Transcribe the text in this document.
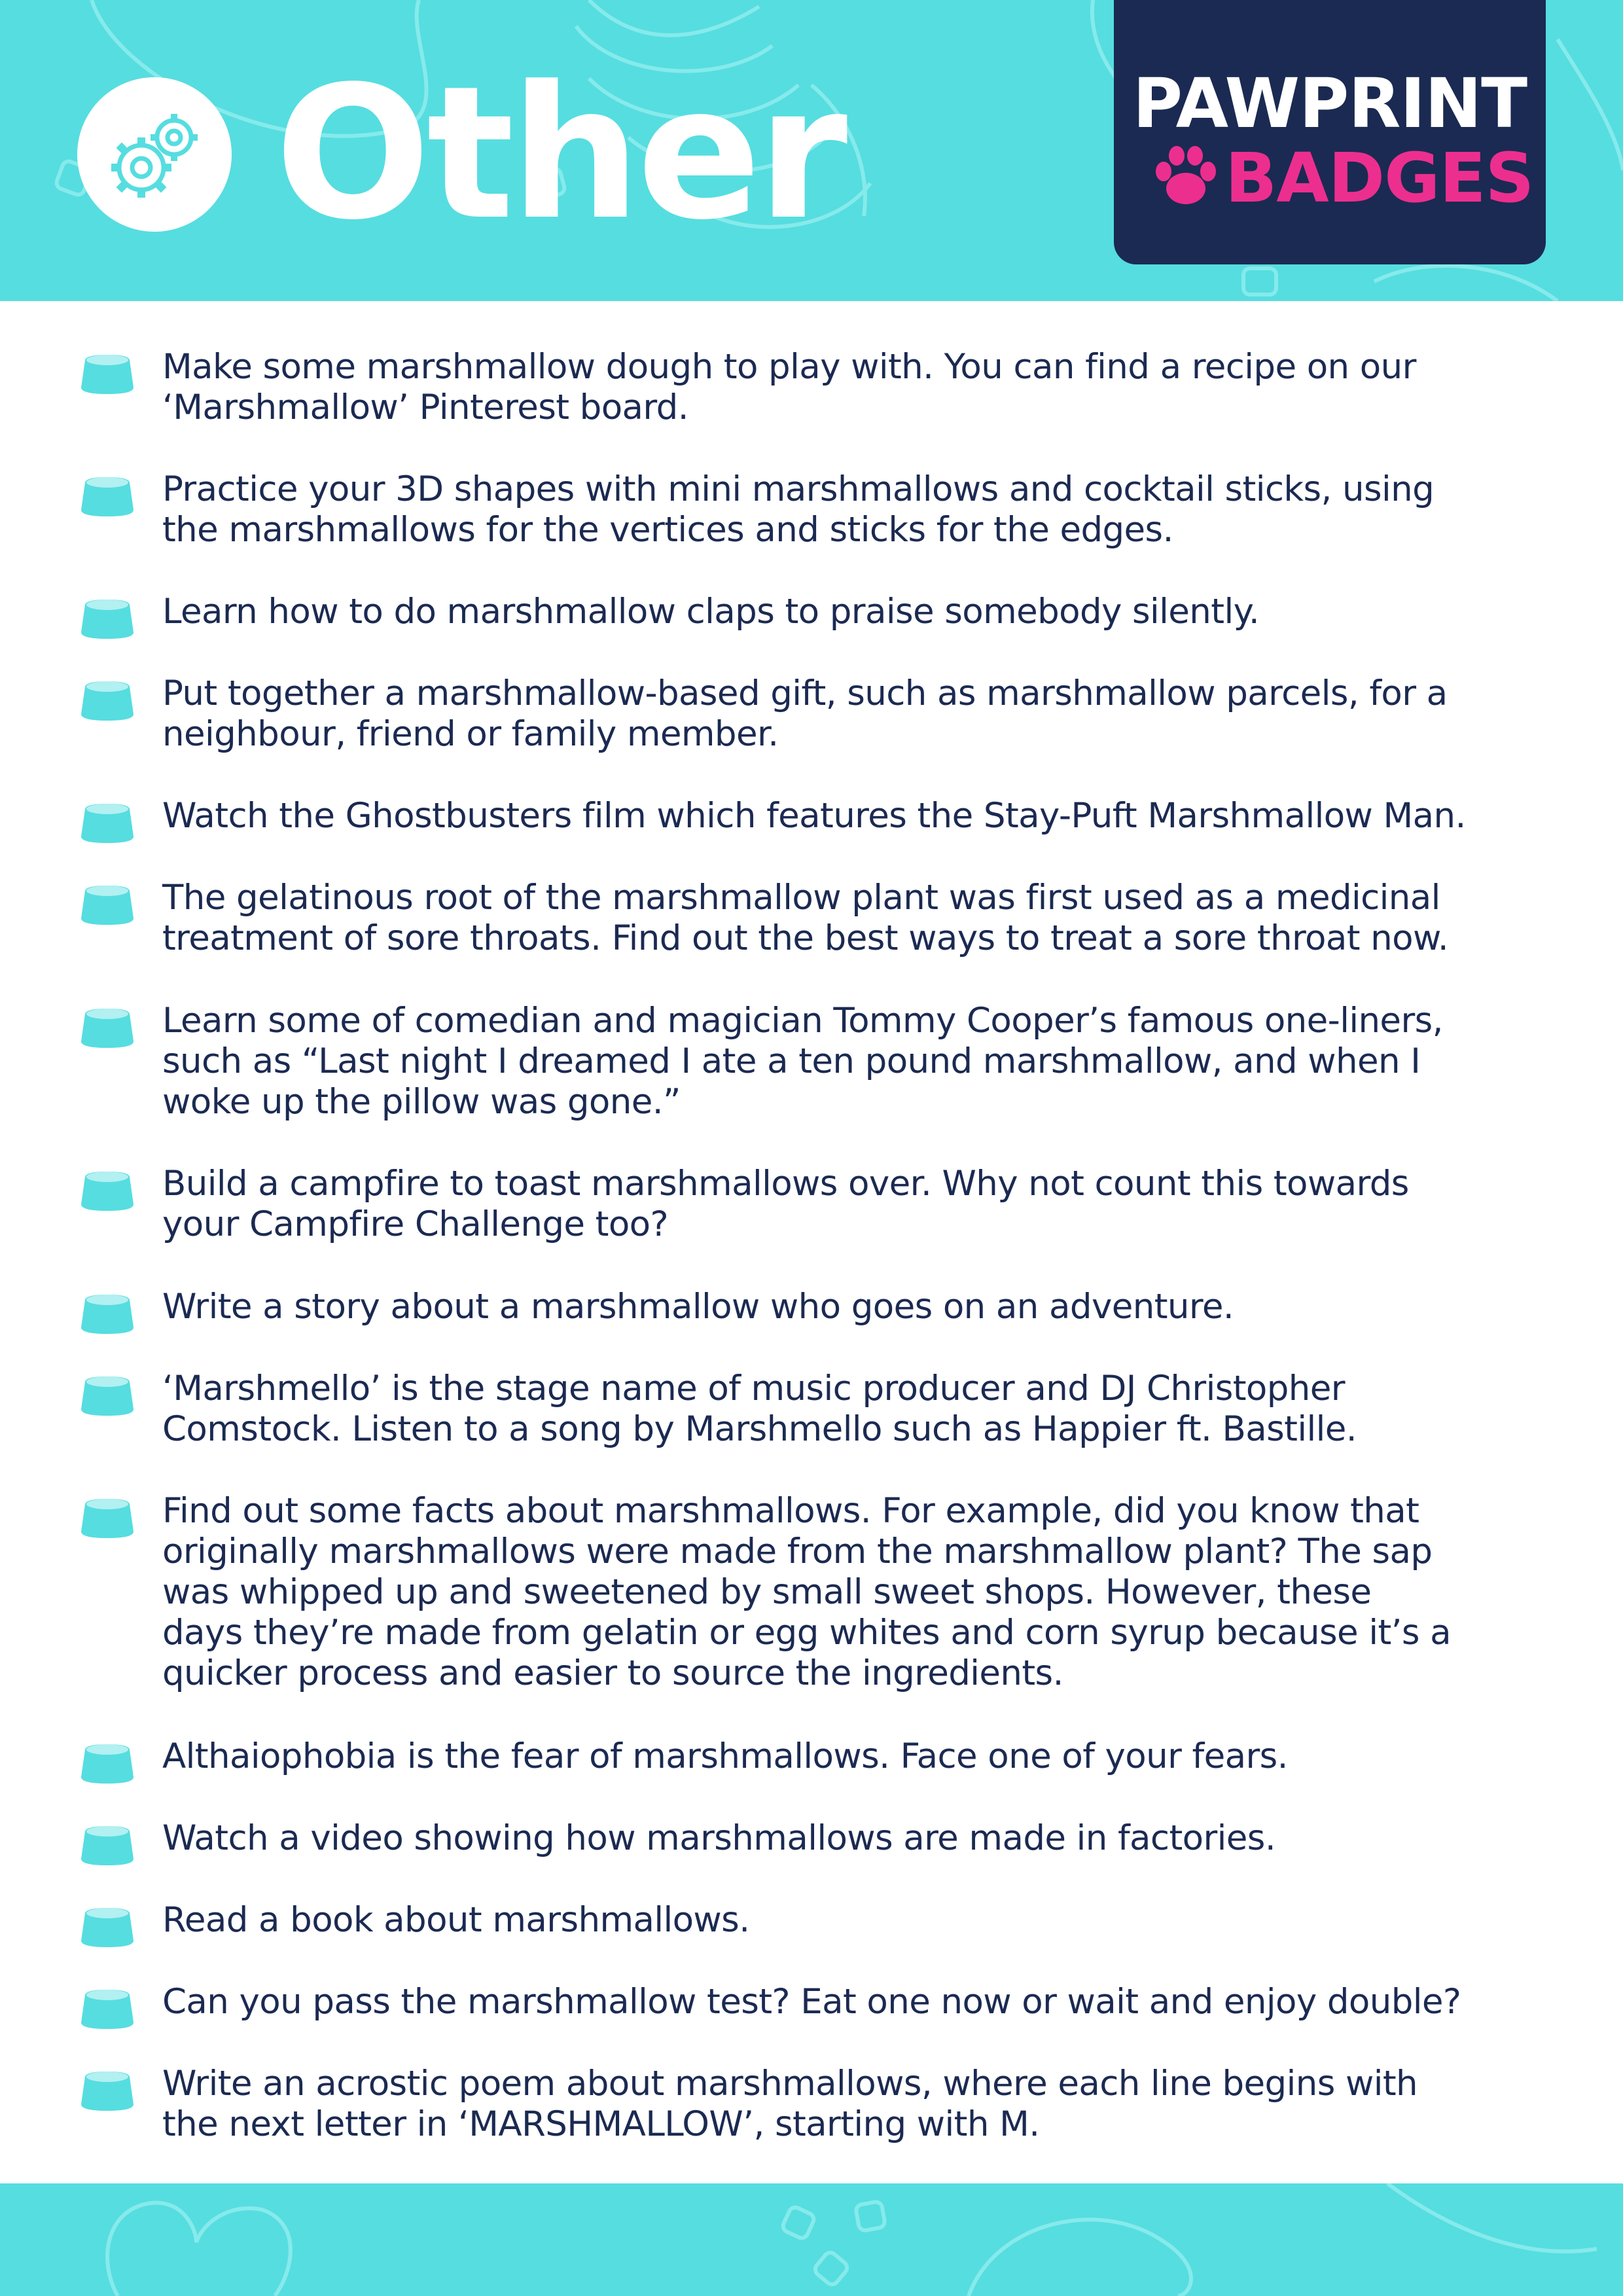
Other	PAWPRINT
BADGES
Make some marshmallow dough to play with. You can find a recipe on our
‘Marshmallow’ Pinterest board.
Practice your 3D shapes with mini marshmallows and cocktail sticks, using
the marshmallows for the vertices and sticks for the edges.
Learn how to do marshmallow claps to praise somebody silently.
Put together a marshmallow-based gift, such as marshmallow parcels, for a
neighbour, friend or family member.
Watch the Ghostbusters film which features the Stay-Puft Marshmallow Man.
The gelatinous root of the marshmallow plant was first used as a medicinal
treatment of sore throats. Find out the best ways to treat a sore throat now.
Learn some of comedian and magician Tommy Cooper’s famous one-liners,
such as “Last night I dreamed I ate a ten pound marshmallow, and when I
woke up the pillow was gone.”
Build a campfire to toast marshmallows over. Why not count this towards
your Campfire Challenge too?
Write a story about a marshmallow who goes on an adventure.
‘Marshmello’ is the stage name of music producer and DJ Christopher
Comstock. Listen to a song by Marshmello such as Happier ft. Bastille.
Find out some facts about marshmallows. For example, did you know that
originally marshmallows were made from the marshmallow plant? The sap
was whipped up and sweetened by small sweet shops. However, these
days they’re made from gelatin or egg whites and corn syrup because it’s a
quicker process and easier to source the ingredients.
Althaiophobia is the fear of marshmallows. Face one of your fears.
Watch a video showing how marshmallows are made in factories.
Read a book about marshmallows.
Can you pass the marshmallow test? Eat one now or wait and enjoy double?
Write an acrostic poem about marshmallows, where each line begins with
the next letter in ‘MARSHMALLOW’, starting with M.
